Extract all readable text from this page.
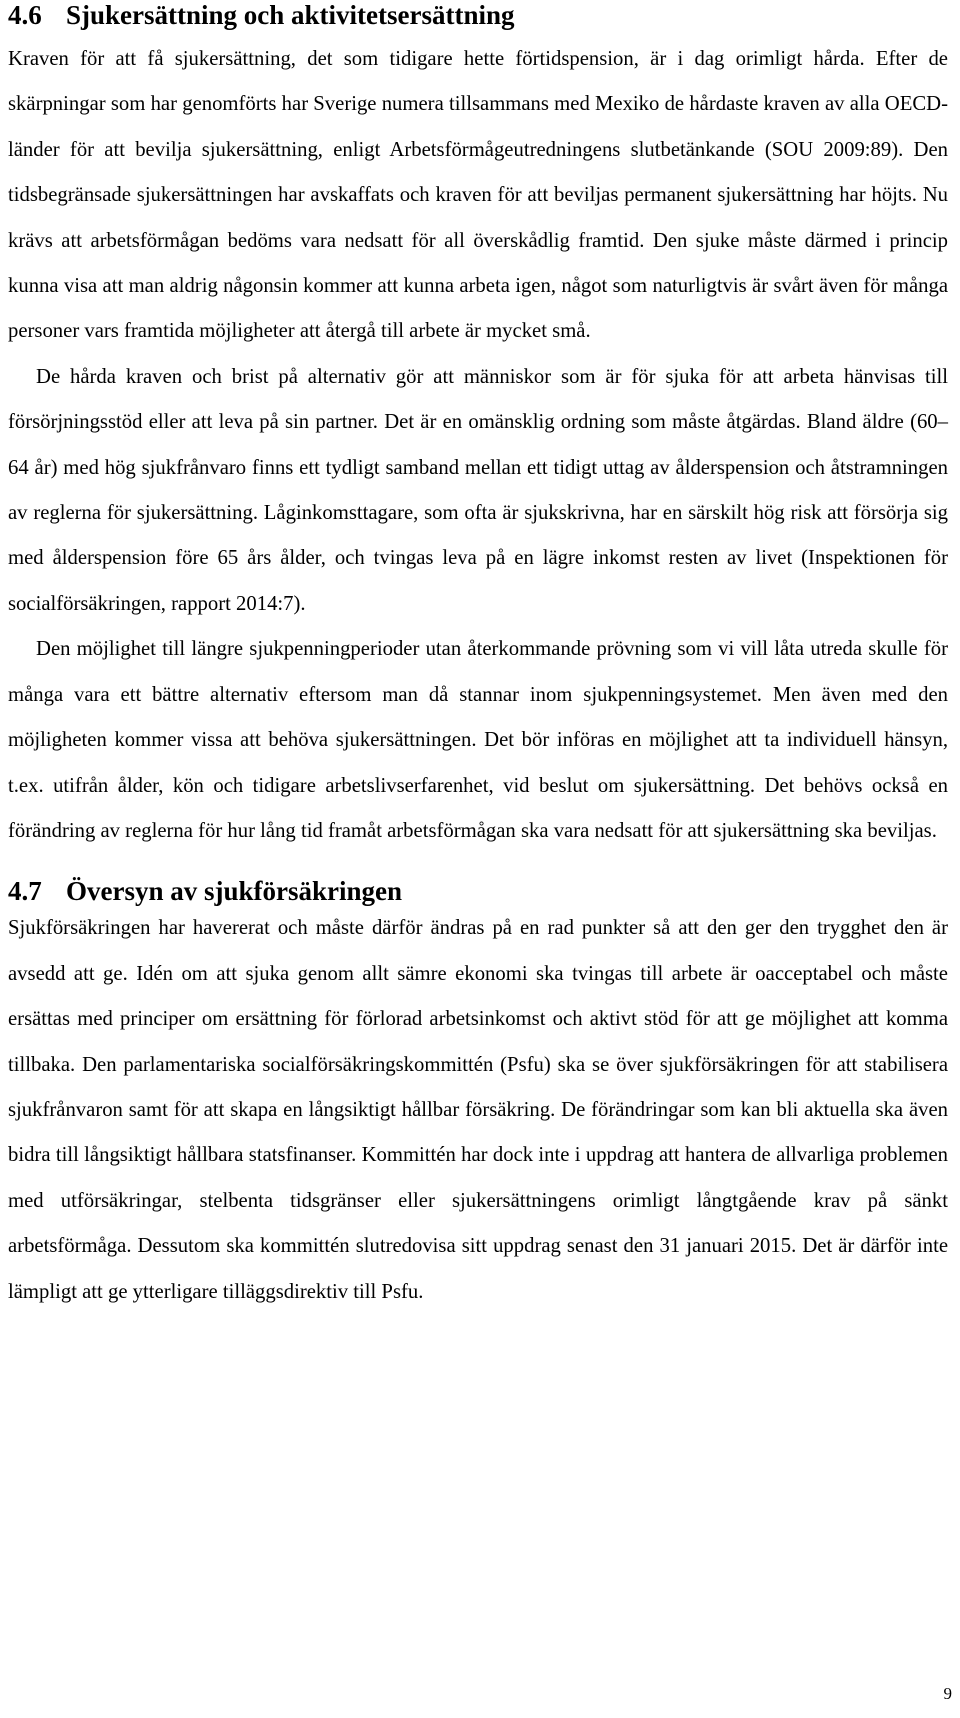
4.6 Sjukersättning och aktivitetsersättning

Kraven för att få sjukersättning, det som tidigare hette förtidspension, är i dag orimligt hårda. Efter de skärpningar som har genomförts har Sverige numera tillsammans med Mexiko de hårdaste kraven av alla OECD-länder för att bevilja sjukersättning, enligt Arbetsförmågeutredningens slutbetänkande (SOU 2009:89). Den tidsbegränsade sjukersättningen har avskaffats och kraven för att beviljas permanent sjukersättning har höjts. Nu krävs att arbetsförmågan bedöms vara nedsatt för all överskådlig framtid. Den sjuke måste därmed i princip kunna visa att man aldrig någonsin kommer att kunna arbeta igen, något som naturligtvis är svårt även för många personer vars framtida möjligheter att återgå till arbete är mycket små.

De hårda kraven och brist på alternativ gör att människor som är för sjuka för att arbeta hänvisas till försörjningsstöd eller att leva på sin partner. Det är en omänsklig ordning som måste åtgärdas. Bland äldre (60–64 år) med hög sjukfrånvaro finns ett tydligt samband mellan ett tidigt uttag av ålderspension och åtstramningen av reglerna för sjukersättning. Låginkomsttagare, som ofta är sjukskrivna, har en särskilt hög risk att försörja sig med ålderspension före 65 års ålder, och tvingas leva på en lägre inkomst resten av livet (Inspektionen för socialförsäkringen, rapport 2014:7).

Den möjlighet till längre sjukpenningperioder utan återkommande prövning som vi vill låta utreda skulle för många vara ett bättre alternativ eftersom man då stannar inom sjukpenningsystemet. Men även med den möjligheten kommer vissa att behöva sjukersättningen. Det bör införas en möjlighet att ta individuell hänsyn, t.ex. utifrån ålder, kön och tidigare arbetslivserfarenhet, vid beslut om sjukersättning. Det behövs också en förändring av reglerna för hur lång tid framåt arbetsförmågan ska vara nedsatt för att sjukersättning ska beviljas.

4.7 Översyn av sjukförsäkringen

Sjukförsäkringen har havererat och måste därför ändras på en rad punkter så att den ger den trygghet den är avsedd att ge. Idén om att sjuka genom allt sämre ekonomi ska tvingas till arbete är oacceptabel och måste ersättas med principer om ersättning för förlorad arbetsinkomst och aktivt stöd för att ge möjlighet att komma tillbaka. Den parlamentariska socialförsäkringskommittén (Psfu) ska se över sjukförsäkringen för att stabilisera sjukfrånvaron samt för att skapa en långsiktigt hållbar försäkring. De förändringar som kan bli aktuella ska även bidra till långsiktigt hållbara statsfinanser. Kommittén har dock inte i uppdrag att hantera de allvarliga problemen med utförsäkringar, stelbenta tidsgränser eller sjukersättningens orimligt långtgående krav på sänkt arbetsförmåga. Dessutom ska kommittén slutredovisa sitt uppdrag senast den 31 januari 2015. Det är därför inte lämpligt att ge ytterligare tilläggsdirektiv till Psfu.

9
